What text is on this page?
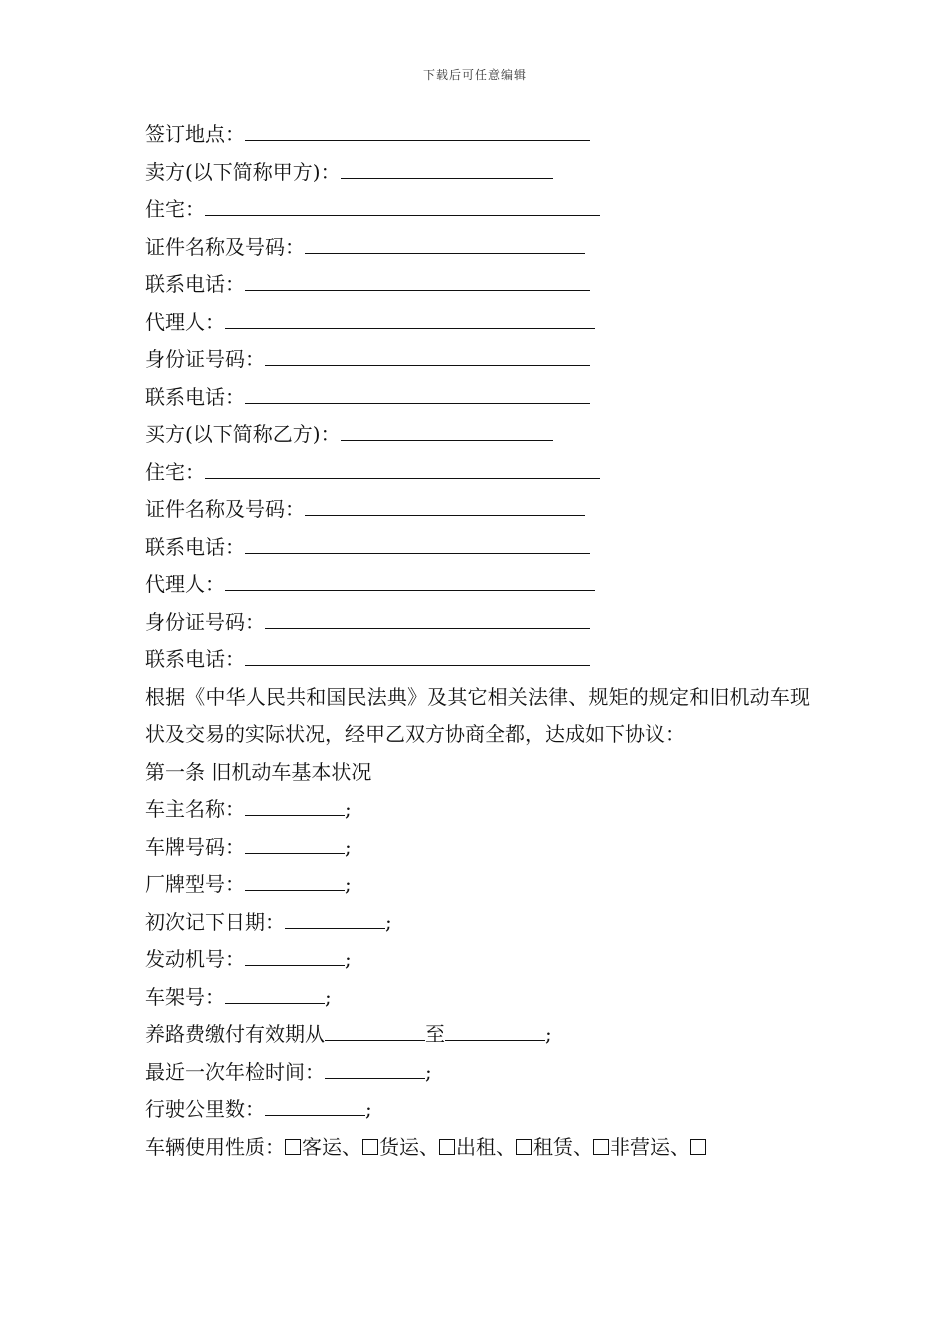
下载后可任意编辑
签订地点：
卖方(以下简称甲方)：
住宅：
证件名称及号码：
联系电话：
代理人：
身份证号码：
联系电话：
买方(以下简称乙方)：
住宅：
证件名称及号码：
联系电话：
代理人：
身份证号码：
联系电话：
根据《中华人民共和国民法典》及其它相关法律、规矩的规定和旧机动车现状及交易的实际状况，经甲乙双方协商全都，达成如下协议：
第一条 旧机动车基本状况
车主名称：	;
车牌号码：	;
厂牌型号：	;
初次记下日期：	;
发动机号：	;
车架号：	;
养路费缴付有效期从	至	;
最近一次年检时间：	;
行驶公里数：	;
车辆使用性质： 客运、 货运、 出租、 租赁、 非营运、
